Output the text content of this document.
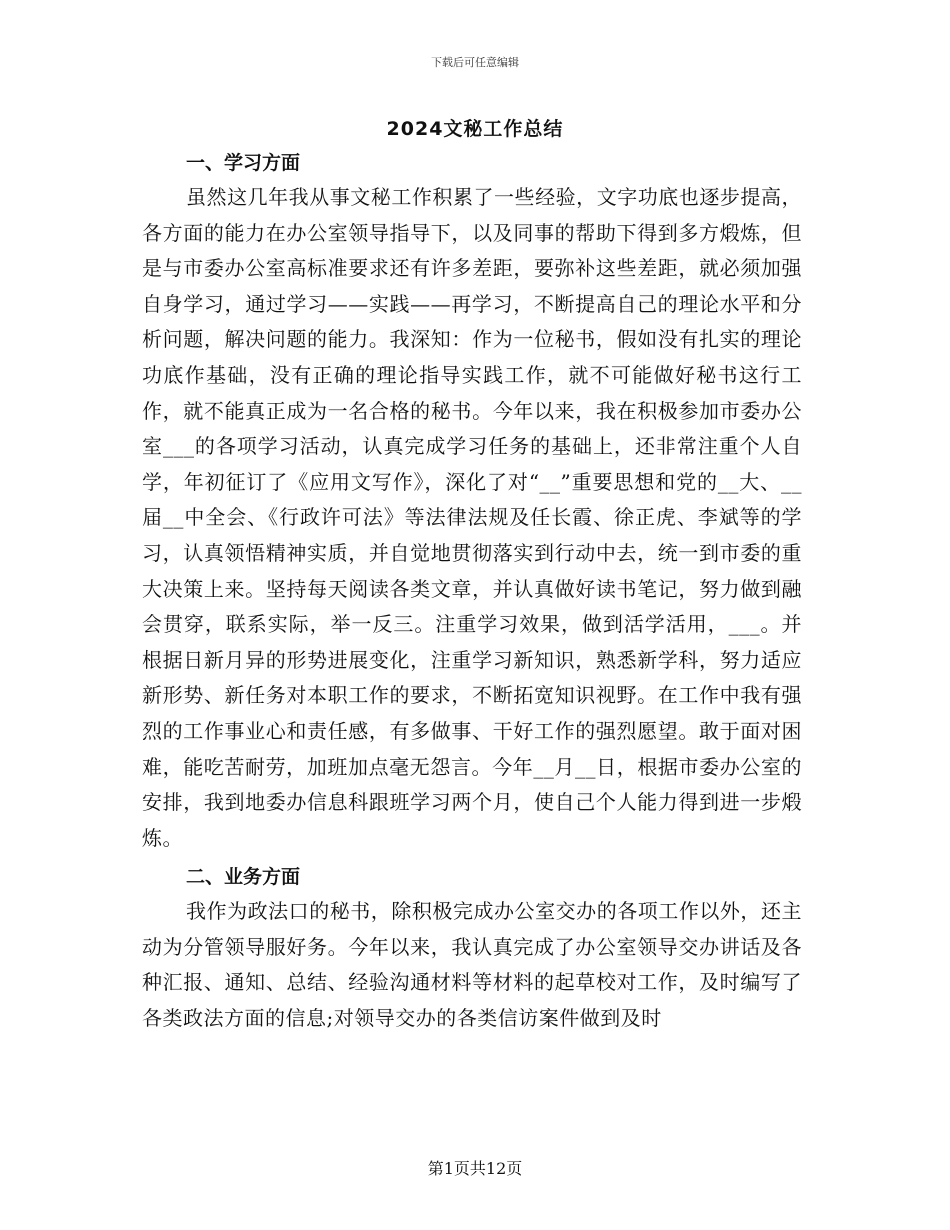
下载后可任意编辑
2024文秘工作总结
一、学习方面

虽然这几年我从事文秘工作积累了一些经验，文字功底也逐步提高，各方面的能力在办公室领导指导下，以及同事的帮助下得到多方煅炼，但是与市委办公室高标准要求还有许多差距，要弥补这些差距，就必须加强自身学习，通过学习——实践——再学习，不断提高自己的理论水平和分析问题，解决问题的能力。我深知：作为一位秘书，假如没有扎实的理论功底作基础，没有正确的理论指导实践工作，就不可能做好秘书这行工作，就不能真正成为一名合格的秘书。今年以来，我在积极参加市委办公室___的各项学习活动，认真完成学习任务的基础上，还非常注重个人自学，年初征订了《应用文写作》，深化了对“__”重要思想和党的__大、__届__中全会、《行政许可法》等法律法规及任长霞、徐正虎、李斌等的学习，认真领悟精神实质，并自觉地贯彻落实到行动中去，统一到市委的重大决策上来。坚持每天阅读各类文章，并认真做好读书笔记，努力做到融会贯穿，联系实际，举一反三。注重学习效果，做到活学活用，___。并根据日新月异的形势进展变化，注重学习新知识，熟悉新学科，努力适应新形势、新任务对本职工作的要求，不断拓宽知识视野。在工作中我有强烈的工作事业心和责任感，有多做事、干好工作的强烈愿望。敢于面对困难，能吃苦耐劳，加班加点毫无怨言。今年__月__日，根据市委办公室的安排，我到地委办信息科跟班学习两个月，使自己个人能力得到进一步煅炼。

二、业务方面

我作为政法口的秘书，除积极完成办公室交办的各项工作以外，还主动为分管领导服好务。今年以来，我认真完成了办公室领导交办讲话及各种汇报、通知、总结、经验沟通材料等材料的起草校对工作，及时编写了各类政法方面的信息;对领导交办的各类信访案件做到及时

第1页共12页
